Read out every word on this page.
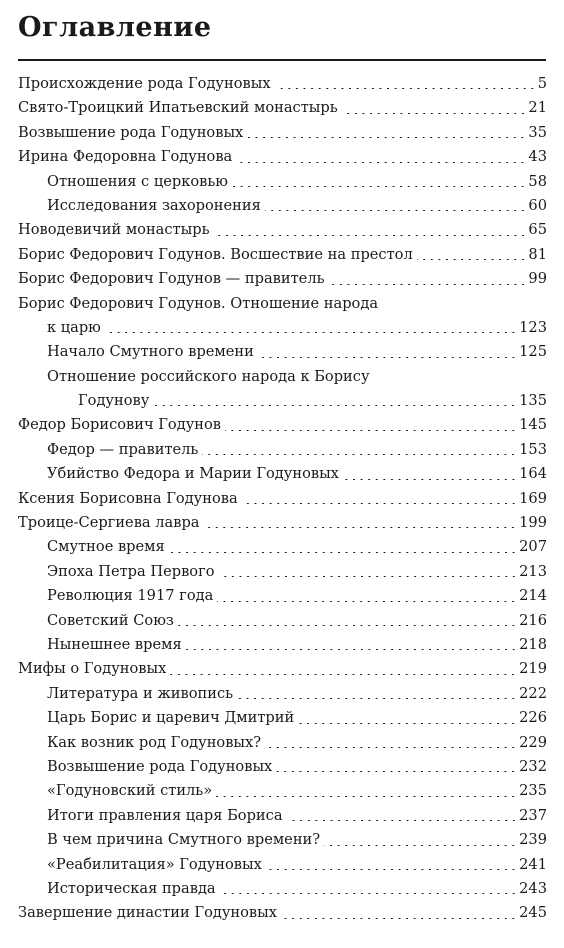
Оглавление
Происхождение рода Годуновых	5
Свято-Троицкий Ипатьевский монастырь	21
Возвышение рода Годуновых	35
Ирина Федоровна Годунова	43
Отношения с церковью	58
Исследования захоронения	60
Новодевичий монастырь	65
Борис Федорович Годунов. Восшествие на престол	81
Борис Федорович Годунов — правитель	99
Борис Федорович Годунов. Отношение народа
к царю	123
Начало Смутного времени	125
Отношение российского народа к Борису
Годунову	135
Федор Борисович Годунов	145
Федор — правитель	153
Убийство Федора и Марии Годуновых	164
Ксения Борисовна Годунова	169
Троице-Сергиева лавра	199
Смутное время	207
Эпоха Петра Первого	213
Революция 1917 года	214
Советский Союз	216
Нынешнее время	218
Мифы о Годуновых	219
Литература и живопись	222
Царь Борис и царевич Дмитрий	226
Как возник род Годуновых?	229
Возвышение рода Годуновых	232
«Годуновский стиль»	235
Итоги правления царя Бориса	237
В чем причина Смутного времени?	239
«Реабилитация» Годуновых	241
Историческая правда	243
Завершение династии Годуновых	245
